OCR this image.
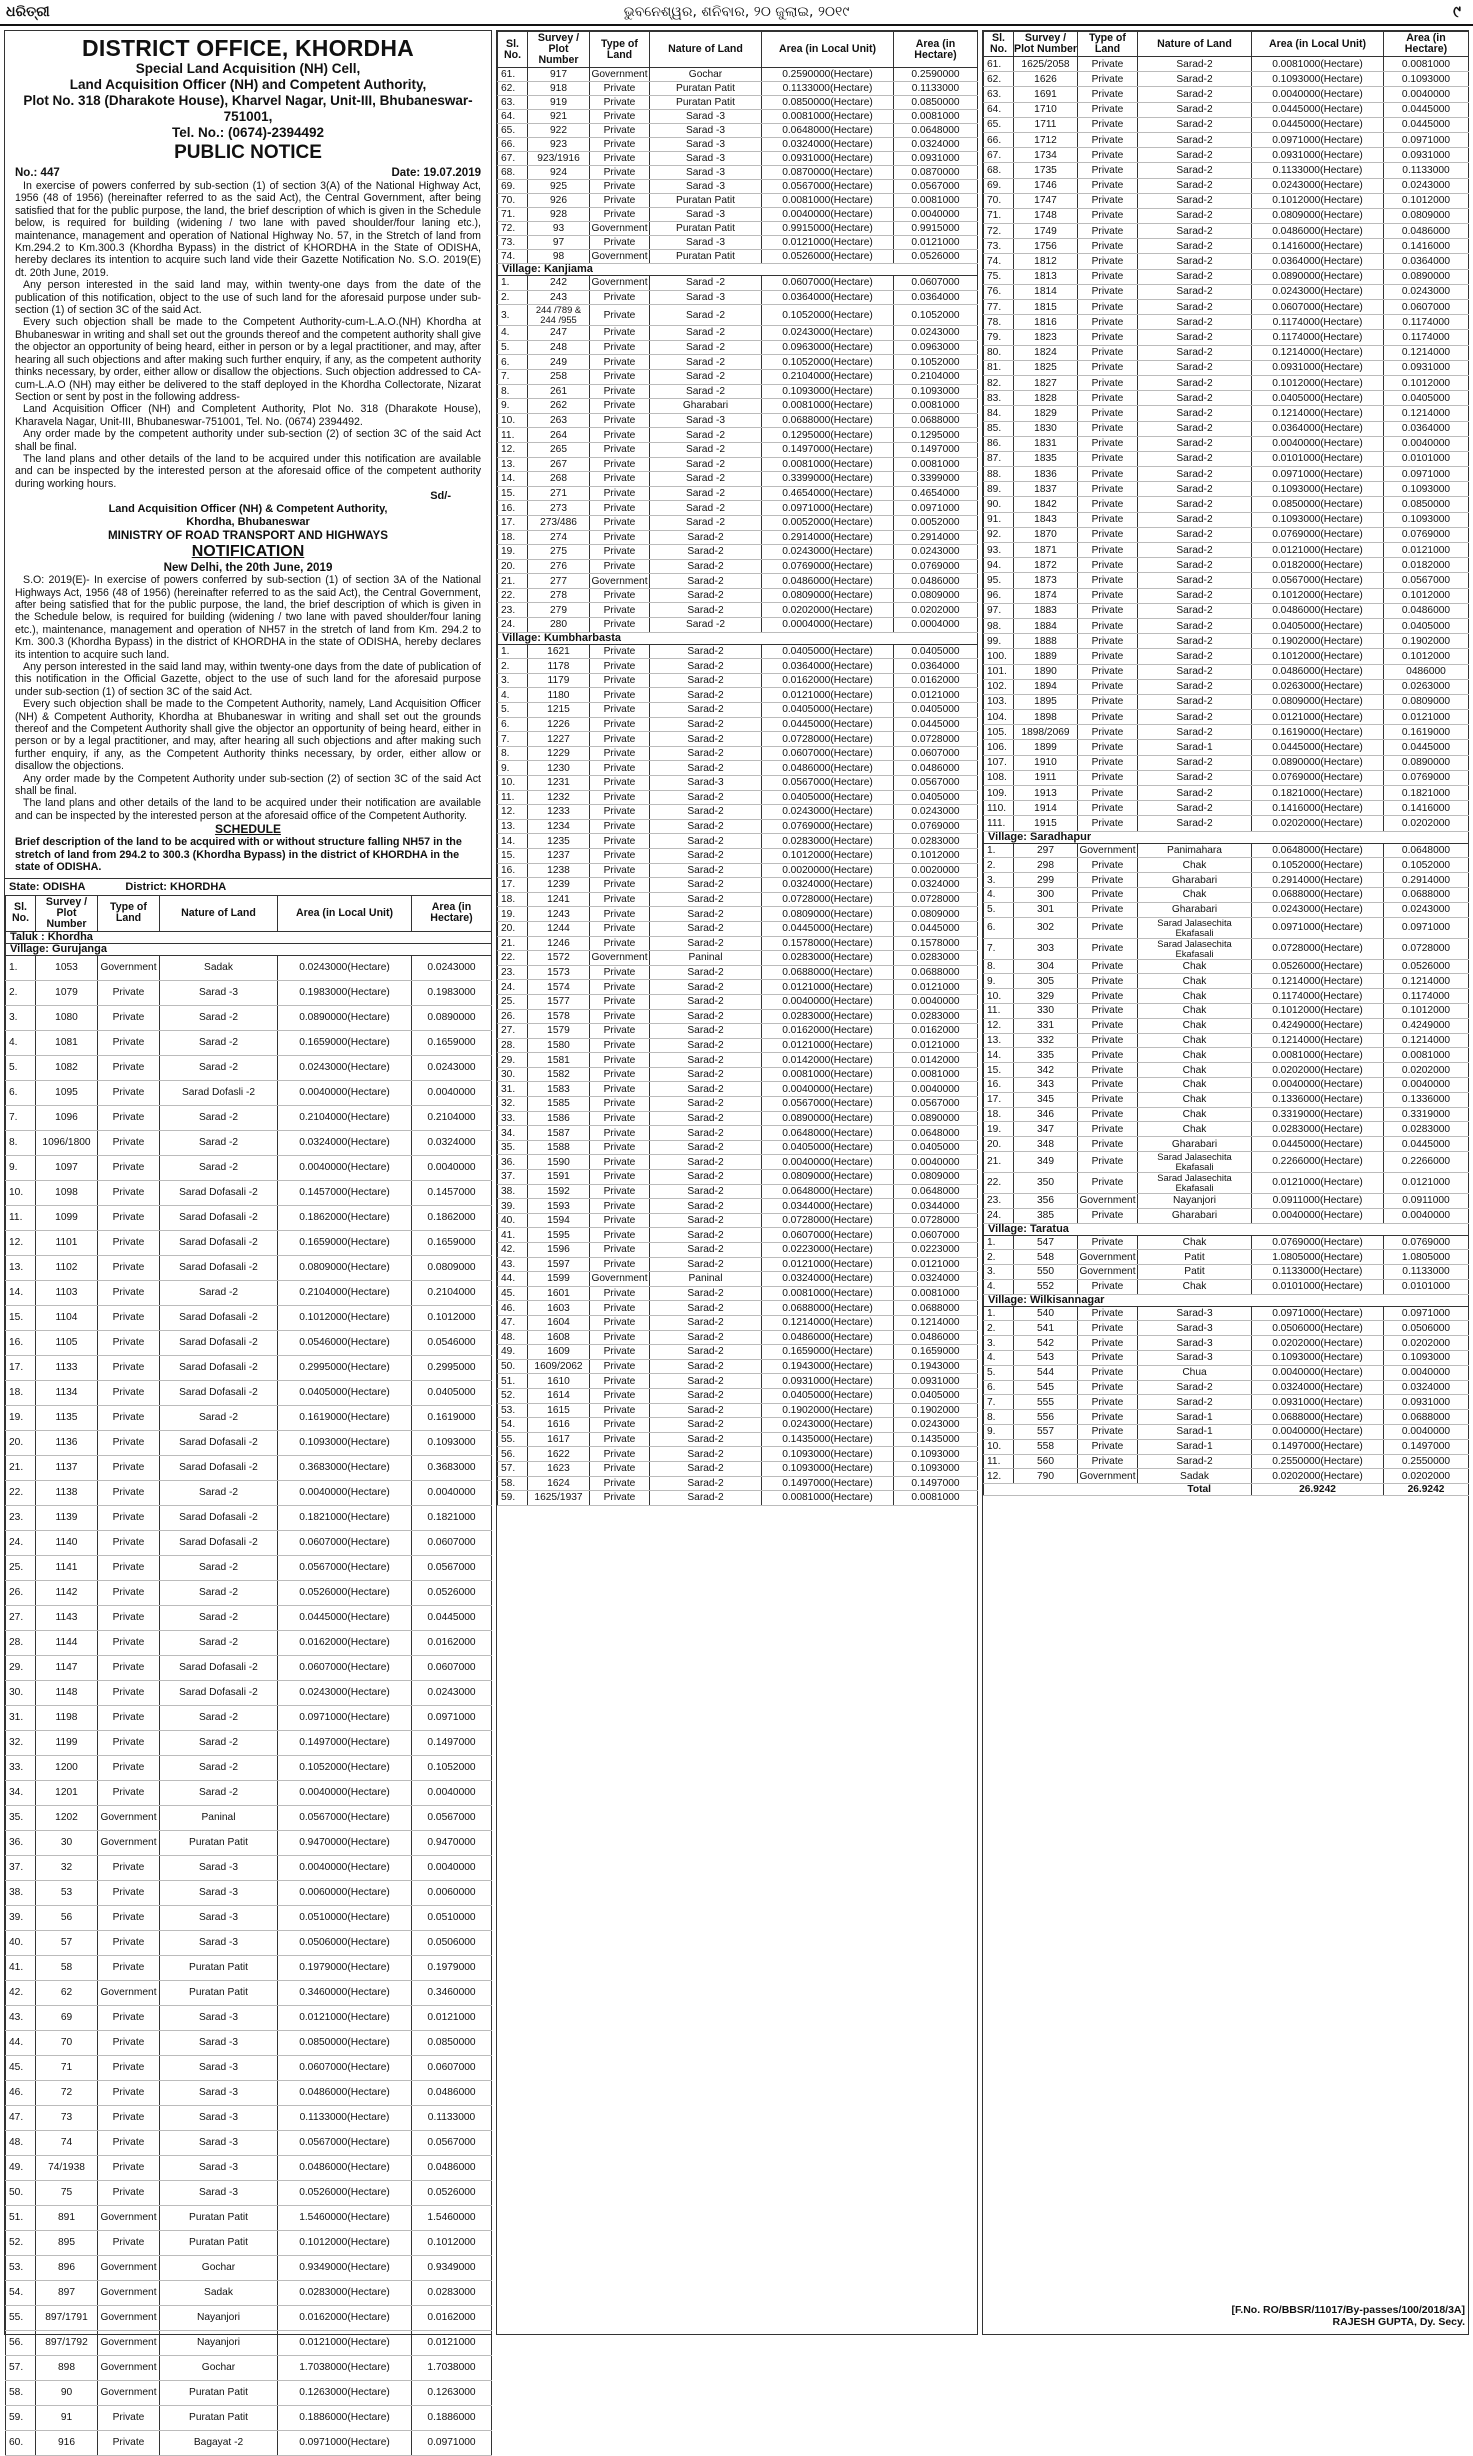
ଧରିତ୍ରୀ	ଭୁବନେଶ୍ୱର, ଶନିବାର, ୨୦ ଜୁଲାଇ, ୨୦୧୯	୯
DISTRICT OFFICE, KHORDHA
Special Land Acquisition (NH) Cell,
Land Acquisition Officer (NH) and Competent Authority,
Plot No. 318 (Dharakote House), Kharvel Nagar, Unit-III, Bhubaneswar-751001,
Tel. No.: (0674)-2394492
PUBLIC NOTICE
No.: 447	Date: 19.07.2019

In exercise of powers conferred by sub-section (1) of section 3(A) of the National Highway Act, 1956 (48 of 1956) (hereinafter referred to as the said Act), the Central Government, after being satisfied that for the public purpose, the land, the brief description of which is given in the Schedule below, is required for building (widening / two lane with paved shoulder/four laning etc.), maintenance, management and operation of National Highway No. 57, in the Stretch of land from Km.294.2 to Km.300.3 (Khordha Bypass) in the district of KHORDHA in the State of ODISHA, hereby declares its intention to acquire such land vide their Gazette Notification No. S.O. 2019(E) dt. 20th June, 2019.

Any person interested in the said land may, within twenty-one days from the date of the publication of this notification, object to the use of such land for the aforesaid purpose under sub-section (1) of section 3C of the said Act.

Every such objection shall be made to the Competent Authority-cum-L.A.O.(NH) Khordha at Bhubaneswar in writing and shall set out the grounds thereof and the competent authority shall give the objector an opportunity of being heard, either in person or by a legal practitioner, and may, after hearing all such objections and after making such further enquiry, if any, as the competent authority thinks necessary, by order, either allow or disallow the objections. Such objection addressed to CA-cum-L.A.O (NH) may either be delivered to the staff deployed in the Khordha Collectorate, Nizarat Section or sent by post in the following address-

Land Acquisition Officer (NH) and Completent Authority, Plot No. 318 (Dharakote House), Kharavela Nagar, Unit-III, Bhubaneswar-751001, Tel. No. (0674) 2394492.

Any order made by the competent authority under sub-section (2) of section 3C of the said Act shall be final.

The land plans and other details of the land to be acquired under this notification are available and can be inspected by the interested person at the aforesaid office of the competent authority during working hours.

Sd/-
Land Acquisition Officer (NH) & Competent Authority,
Khordha, Bhubaneswar
MINISTRY OF ROAD TRANSPORT AND HIGHWAYS
NOTIFICATION
New Delhi, the 20th June, 2019

S.O: 2019(E)- In exercise of powers conferred by sub-section (1) of section 3A of the National Highways Act, 1956 (48 of 1956) (hereinafter referred to as the said Act), the Central Government, after being satisfied that for the public purpose, the land, the brief description of which is given in the Schedule below, is required for building (widening / two lane with paved shoulder/four laning etc.), maintenance, management and operation of NH57 in the stretch of land from Km. 294.2 to Km. 300.3 (Khordha Bypass) in the district of KHORDHA in the state of ODISHA, hereby declares its intention to acquire such land.

Any person interested in the said land may, within twenty-one days from the date of publication of this notification in the Official Gazette, object to the use of such land for the aforesaid purpose under sub-section (1) of section 3C of the said Act.

Every such objection shall be made to the Competent Authority, namely, Land Acquisition Officer (NH) & Competent Authority, Khordha at Bhubaneswar in writing and shall set out the grounds thereof and the Competent Authority shall give the objector an opportunity of being heard, either in person or by a legal practitioner, and may, after hearing all such objections and after making such further enquiry, if any, as the Competent Authority thinks necessary, by order, either allow or disallow the objections.

Any order made by the Competent Authority under sub-section (2) of section 3C of the said Act shall be final.

The land plans and other details of the land to be acquired under their notification are available and can be inspected by the interested person at the aforesaid office of the Competent Authority.

SCHEDULE

Brief description of the land to be acquired with or without structure falling NH57 in the stretch of land from 294.2 to 300.3 (Khordha Bypass) in the district of KHORDHA in the state of ODISHA.

State: ODISHA	District: KHORDHA
Sl. No.	Survey / Plot Number	Type of Land	Nature of Land	Area (in Local Unit)	Area (in Hectare)
Taluk : Khordha					
Village: Gurujanga					
1.	1053	Government	Sadak	0.0243000(Hectare)	0.0243000
2.	1079	Private	Sarad -3	0.1983000(Hectare)	0.1983000
3.	1080	Private	Sarad -2	0.0890000(Hectare)	0.0890000
4.	1081	Private	Sarad -2	0.1659000(Hectare)	0.1659000
5.	1082	Private	Sarad -2	0.0243000(Hectare)	0.0243000
6.	1095	Private	Sarad Dofasli -2	0.0040000(Hectare)	0.0040000
7.	1096	Private	Sarad -2	0.2104000(Hectare)	0.2104000
8.	1096/1800	Private	Sarad -2	0.0324000(Hectare)	0.0324000
9.	1097	Private	Sarad -2	0.0040000(Hectare)	0.0040000
10.	1098	Private	Sarad Dofasali -2	0.1457000(Hectare)	0.1457000
11.	1099	Private	Sarad Dofasali -2	0.1862000(Hectare)	0.1862000
12.	1101	Private	Sarad Dofasali -2	0.1659000(Hectare)	0.1659000
13.	1102	Private	Sarad Dofasali -2	0.0809000(Hectare)	0.0809000
14.	1103	Private	Sarad -2	0.2104000(Hectare)	0.2104000
15.	1104	Private	Sarad Dofasali -2	0.1012000(Hectare)	0.1012000
16.	1105	Private	Sarad Dofasali -2	0.0546000(Hectare)	0.0546000
17.	1133	Private	Sarad Dofasali -2	0.2995000(Hectare)	0.2995000
18.	1134	Private	Sarad Dofasali -2	0.0405000(Hectare)	0.0405000
19.	1135	Private	Sarad -2	0.1619000(Hectare)	0.1619000
20.	1136	Private	Sarad Dofasali -2	0.1093000(Hectare)	0.1093000
21.	1137	Private	Sarad Dofasali -2	0.3683000(Hectare)	0.3683000
22.	1138	Private	Sarad -2	0.0040000(Hectare)	0.0040000
23.	1139	Private	Sarad Dofasali -2	0.1821000(Hectare)	0.1821000
24.	1140	Private	Sarad Dofasali -2	0.0607000(Hectare)	0.0607000
25.	1141	Private	Sarad -2	0.0567000(Hectare)	0.0567000
26.	1142	Private	Sarad -2	0.0526000(Hectare)	0.0526000
27.	1143	Private	Sarad -2	0.0445000(Hectare)	0.0445000
28.	1144	Private	Sarad -2	0.0162000(Hectare)	0.0162000
29.	1147	Private	Sarad Dofasali -2	0.0607000(Hectare)	0.0607000
30.	1148	Private	Sarad Dofasali -2	0.0243000(Hectare)	0.0243000
31.	1198	Private	Sarad -2	0.0971000(Hectare)	0.0971000
32.	1199	Private	Sarad -2	0.1497000(Hectare)	0.1497000
33.	1200	Private	Sarad -2	0.1052000(Hectare)	0.1052000
34.	1201	Private	Sarad -2	0.0040000(Hectare)	0.0040000
35.	1202	Government	Paninal	0.0567000(Hectare)	0.0567000
36.	30	Government	Puratan Patit	0.9470000(Hectare)	0.9470000
37.	32	Private	Sarad -3	0.0040000(Hectare)	0.0040000
38.	53	Private	Sarad -3	0.0060000(Hectare)	0.0060000
39.	56	Private	Sarad -3	0.0510000(Hectare)	0.0510000
40.	57	Private	Sarad -3	0.0506000(Hectare)	0.0506000
41.	58	Private	Puratan Patit	0.1979000(Hectare)	0.1979000
42.	62	Government	Puratan Patit	0.3460000(Hectare)	0.3460000
43.	69	Private	Sarad -3	0.0121000(Hectare)	0.0121000
44.	70	Private	Sarad -3	0.0850000(Hectare)	0.0850000
45.	71	Private	Sarad -3	0.0607000(Hectare)	0.0607000
46.	72	Private	Sarad -3	0.0486000(Hectare)	0.0486000
47.	73	Private	Sarad -3	0.1133000(Hectare)	0.1133000
48.	74	Private	Sarad -3	0.0567000(Hectare)	0.0567000
49.	74/1938	Private	Sarad -3	0.0486000(Hectare)	0.0486000
50.	75	Private	Sarad -3	0.0526000(Hectare)	0.0526000
51.	891	Government	Puratan Patit	1.5460000(Hectare)	1.5460000
52.	895	Private	Puratan Patit	0.1012000(Hectare)	0.1012000
53.	896	Government	Gochar	0.9349000(Hectare)	0.9349000
54.	897	Government	Sadak	0.0283000(Hectare)	0.0283000
55.	897/1791	Government	Nayanjori	0.0162000(Hectare)	0.0162000
56.	897/1792	Government	Nayanjori	0.0121000(Hectare)	0.0121000
57.	898	Government	Gochar	1.7038000(Hectare)	1.7038000
58.	90	Government	Puratan Patit	0.1263000(Hectare)	0.1263000
59.	91	Private	Puratan Patit	0.1886000(Hectare)	0.1886000
60.	916	Private	Bagayat -2	0.0971000(Hectare)	0.0971000
Sl. No.	Survey / Plot Number	Type of Land	Nature of Land	Area (in Local Unit)	Area (in Hectare)
61.	917	Government	Gochar	0.2590000(Hectare)	0.2590000
62.	918	Private	Puratan Patit	0.1133000(Hectare)	0.1133000
63.	919	Private	Puratan Patit	0.0850000(Hectare)	0.0850000
64.	921	Private	Sarad -3	0.0081000(Hectare)	0.0081000
65.	922	Private	Sarad -3	0.0648000(Hectare)	0.0648000
66.	923	Private	Sarad -3	0.0324000(Hectare)	0.0324000
67.	923/1916	Private	Sarad -3	0.0931000(Hectare)	0.0931000
68.	924	Private	Sarad -3	0.0870000(Hectare)	0.0870000
69.	925	Private	Sarad -3	0.0567000(Hectare)	0.0567000
70.	926	Private	Puratan Patit	0.0081000(Hectare)	0.0081000
71.	928	Private	Sarad -3	0.0040000(Hectare)	0.0040000
72.	93	Government	Puratan Patit	0.9915000(Hectare)	0.9915000
73.	97	Private	Sarad -3	0.0121000(Hectare)	0.0121000
74.	98	Government	Puratan Patit	0.0526000(Hectare)	0.0526000
Village: Kanjiama					
1.	242	Government	Sarad -2	0.0607000(Hectare)	0.0607000
2.	243	Private	Sarad -3	0.0364000(Hectare)	0.0364000
3.	244 /789 & 244 /955	Private	Sarad -2	0.1052000(Hectare)	0.1052000
4.	247	Private	Sarad -2	0.0243000(Hectare)	0.0243000
5.	248	Private	Sarad -2	0.0963000(Hectare)	0.0963000
6.	249	Private	Sarad -2	0.1052000(Hectare)	0.1052000
7.	258	Private	Sarad -2	0.2104000(Hectare)	0.2104000
8.	261	Private	Sarad -2	0.1093000(Hectare)	0.1093000
9.	262	Private	Gharabari	0.0081000(Hectare)	0.0081000
10.	263	Private	Sarad -3	0.0688000(Hectare)	0.0688000
11.	264	Private	Sarad -2	0.1295000(Hectare)	0.1295000
12.	265	Private	Sarad -2	0.1497000(Hectare)	0.1497000
13.	267	Private	Sarad -2	0.0081000(Hectare)	0.0081000
14.	268	Private	Sarad -2	0.3399000(Hectare)	0.3399000
15.	271	Private	Sarad -2	0.4654000(Hectare)	0.4654000
16.	273	Private	Sarad -2	0.0971000(Hectare)	0.0971000
17.	273/486	Private	Sarad -2	0.0052000(Hectare)	0.0052000
18.	274	Private	Sarad-2	0.2914000(Hectare)	0.2914000
19.	275	Private	Sarad-2	0.0243000(Hectare)	0.0243000
20.	276	Private	Sarad-2	0.0769000(Hectare)	0.0769000
21.	277	Government	Sarad-2	0.0486000(Hectare)	0.0486000
22.	278	Private	Sarad-2	0.0809000(Hectare)	0.0809000
23.	279	Private	Sarad-2	0.0202000(Hectare)	0.0202000
24.	280	Private	Sarad -2	0.0004000(Hectare)	0.0004000
Village: Kumbharbasta					
1.	1621	Private	Sarad-2	0.0405000(Hectare)	0.0405000
2.	1178	Private	Sarad-2	0.0364000(Hectare)	0.0364000
3.	1179	Private	Sarad-2	0.0162000(Hectare)	0.0162000
4.	1180	Private	Sarad-2	0.0121000(Hectare)	0.0121000
5.	1215	Private	Sarad-2	0.0405000(Hectare)	0.0405000
6.	1226	Private	Sarad-2	0.0445000(Hectare)	0.0445000
7.	1227	Private	Sarad-2	0.0728000(Hectare)	0.0728000
8.	1229	Private	Sarad-2	0.0607000(Hectare)	0.0607000
9.	1230	Private	Sarad-2	0.0486000(Hectare)	0.0486000
10.	1231	Private	Sarad-3	0.0567000(Hectare)	0.0567000
11.	1232	Private	Sarad-2	0.0405000(Hectare)	0.0405000
12.	1233	Private	Sarad-2	0.0243000(Hectare)	0.0243000
13.	1234	Private	Sarad-2	0.0769000(Hectare)	0.0769000
14.	1235	Private	Sarad-2	0.0283000(Hectare)	0.0283000
15.	1237	Private	Sarad-2	0.1012000(Hectare)	0.1012000
16.	1238	Private	Sarad-2	0.0020000(Hectare)	0.0020000
17.	1239	Private	Sarad-2	0.0324000(Hectare)	0.0324000
18.	1241	Private	Sarad-2	0.0728000(Hectare)	0.0728000
19.	1243	Private	Sarad-2	0.0809000(Hectare)	0.0809000
20.	1244	Private	Sarad-2	0.0445000(Hectare)	0.0445000
21.	1246	Private	Sarad-2	0.1578000(Hectare)	0.1578000
22.	1572	Government	Paninal	0.0283000(Hectare)	0.0283000
23.	1573	Private	Sarad-2	0.0688000(Hectare)	0.0688000
24.	1574	Private	Sarad-2	0.0121000(Hectare)	0.0121000
25.	1577	Private	Sarad-2	0.0040000(Hectare)	0.0040000
26.	1578	Private	Sarad-2	0.0283000(Hectare)	0.0283000
27.	1579	Private	Sarad-2	0.0162000(Hectare)	0.0162000
28.	1580	Private	Sarad-2	0.0121000(Hectare)	0.0121000
29.	1581	Private	Sarad-2	0.0142000(Hectare)	0.0142000
30.	1582	Private	Sarad-2	0.0081000(Hectare)	0.0081000
31.	1583	Private	Sarad-2	0.0040000(Hectare)	0.0040000
32.	1585	Private	Sarad-2	0.0567000(Hectare)	0.0567000
33.	1586	Private	Sarad-2	0.0890000(Hectare)	0.0890000
34.	1587	Private	Sarad-2	0.0648000(Hectare)	0.0648000
35.	1588	Private	Sarad-2	0.0405000(Hectare)	0.0405000
36.	1590	Private	Sarad-2	0.0040000(Hectare)	0.0040000
37.	1591	Private	Sarad-2	0.0809000(Hectare)	0.0809000
38.	1592	Private	Sarad-2	0.0648000(Hectare)	0.0648000
39.	1593	Private	Sarad-2	0.0344000(Hectare)	0.0344000
40.	1594	Private	Sarad-2	0.0728000(Hectare)	0.0728000
41.	1595	Private	Sarad-2	0.0607000(Hectare)	0.0607000
42.	1596	Private	Sarad-2	0.0223000(Hectare)	0.0223000
43.	1597	Private	Sarad-2	0.0121000(Hectare)	0.0121000
44.	1599	Government	Paninal	0.0324000(Hectare)	0.0324000
45.	1601	Private	Sarad-2	0.0081000(Hectare)	0.0081000
46.	1603	Private	Sarad-2	0.0688000(Hectare)	0.0688000
47.	1604	Private	Sarad-2	0.1214000(Hectare)	0.1214000
48.	1608	Private	Sarad-2	0.0486000(Hectare)	0.0486000
49.	1609	Private	Sarad-2	0.1659000(Hectare)	0.1659000
50.	1609/2062	Private	Sarad-2	0.1943000(Hectare)	0.1943000
51.	1610	Private	Sarad-2	0.0931000(Hectare)	0.0931000
52.	1614	Private	Sarad-2	0.0405000(Hectare)	0.0405000
53.	1615	Private	Sarad-2	0.1902000(Hectare)	0.1902000
54.	1616	Private	Sarad-2	0.0243000(Hectare)	0.0243000
55.	1617	Private	Sarad-2	0.1435000(Hectare)	0.1435000
56.	1622	Private	Sarad-2	0.1093000(Hectare)	0.1093000
57.	1623	Private	Sarad-2	0.1093000(Hectare)	0.1093000
58.	1624	Private	Sarad-2	0.1497000(Hectare)	0.1497000
59.	1625/1937	Private	Sarad-2	0.0081000(Hectare)	0.0081000
Sl. No.	Survey / Plot Number	Type of Land	Nature of Land	Area (in Local Unit)	Area (in Hectare)
61.	1625/2058	Private	Sarad-2	0.0081000(Hectare)	0.0081000
62.	1626	Private	Sarad-2	0.1093000(Hectare)	0.1093000
63.	1691	Private	Sarad-2	0.0040000(Hectare)	0.0040000
64.	1710	Private	Sarad-2	0.0445000(Hectare)	0.0445000
65.	1711	Private	Sarad-2	0.0445000(Hectare)	0.0445000
66.	1712	Private	Sarad-2	0.0971000(Hectare)	0.0971000
67.	1734	Private	Sarad-2	0.0931000(Hectare)	0.0931000
68.	1735	Private	Sarad-2	0.1133000(Hectare)	0.1133000
69.	1746	Private	Sarad-2	0.0243000(Hectare)	0.0243000
70.	1747	Private	Sarad-2	0.1012000(Hectare)	0.1012000
71.	1748	Private	Sarad-2	0.0809000(Hectare)	0.0809000
72.	1749	Private	Sarad-2	0.0486000(Hectare)	0.0486000
73.	1756	Private	Sarad-2	0.1416000(Hectare)	0.1416000
74.	1812	Private	Sarad-2	0.0364000(Hectare)	0.0364000
75.	1813	Private	Sarad-2	0.0890000(Hectare)	0.0890000
76.	1814	Private	Sarad-2	0.0243000(Hectare)	0.0243000
77.	1815	Private	Sarad-2	0.0607000(Hectare)	0.0607000
78.	1816	Private	Sarad-2	0.1174000(Hectare)	0.1174000
79.	1823	Private	Sarad-2	0.1174000(Hectare)	0.1174000
80.	1824	Private	Sarad-2	0.1214000(Hectare)	0.1214000
81.	1825	Private	Sarad-2	0.0931000(Hectare)	0.0931000
82.	1827	Private	Sarad-2	0.1012000(Hectare)	0.1012000
83.	1828	Private	Sarad-2	0.0405000(Hectare)	0.0405000
84.	1829	Private	Sarad-2	0.1214000(Hectare)	0.1214000
85.	1830	Private	Sarad-2	0.0364000(Hectare)	0.0364000
86.	1831	Private	Sarad-2	0.0040000(Hectare)	0.0040000
87.	1835	Private	Sarad-2	0.0101000(Hectare)	0.0101000
88.	1836	Private	Sarad-2	0.0971000(Hectare)	0.0971000
89.	1837	Private	Sarad-2	0.1093000(Hectare)	0.1093000
90.	1842	Private	Sarad-2	0.0850000(Hectare)	0.0850000
91.	1843	Private	Sarad-2	0.1093000(Hectare)	0.1093000
92.	1870	Private	Sarad-2	0.0769000(Hectare)	0.0769000
93.	1871	Private	Sarad-2	0.0121000(Hectare)	0.0121000
94.	1872	Private	Sarad-2	0.0182000(Hectare)	0.0182000
95.	1873	Private	Sarad-2	0.0567000(Hectare)	0.0567000
96.	1874	Private	Sarad-2	0.1012000(Hectare)	0.1012000
97.	1883	Private	Sarad-2	0.0486000(Hectare)	0.0486000
98.	1884	Private	Sarad-2	0.0405000(Hectare)	0.0405000
99.	1888	Private	Sarad-2	0.1902000(Hectare)	0.1902000
100.	1889	Private	Sarad-2	0.1012000(Hectare)	0.1012000
101.	1890	Private	Sarad-2	0.0486000(Hectare)	0486000
102.	1894	Private	Sarad-2	0.0263000(Hectare)	0.0263000
103.	1895	Private	Sarad-2	0.0809000(Hectare)	0.0809000
104.	1898	Private	Sarad-2	0.0121000(Hectare)	0.0121000
105.	1898/2069	Private	Sarad-2	0.1619000(Hectare)	0.1619000
106.	1899	Private	Sarad-1	0.0445000(Hectare)	0.0445000
107.	1910	Private	Sarad-2	0.0890000(Hectare)	0.0890000
108.	1911	Private	Sarad-2	0.0769000(Hectare)	0.0769000
109.	1913	Private	Sarad-2	0.1821000(Hectare)	0.1821000
110.	1914	Private	Sarad-2	0.1416000(Hectare)	0.1416000
111.	1915	Private	Sarad-2	0.0202000(Hectare)	0.0202000
Village: Saradhapur					
1.	297	Government	Panimahara	0.0648000(Hectare)	0.0648000
2.	298	Private	Chak	0.1052000(Hectare)	0.1052000
3.	299	Private	Gharabari	0.2914000(Hectare)	0.2914000
4.	300	Private	Chak	0.0688000(Hectare)	0.0688000
5.	301	Private	Gharabari	0.0243000(Hectare)	0.0243000
6.	302	Private	Sarad Jalasechita Ekafasali	0.0971000(Hectare)	0.0971000
7.	303	Private	Sarad Jalasechita Ekafasali	0.0728000(Hectare)	0.0728000
8.	304	Private	Chak	0.0526000(Hectare)	0.0526000
9.	305	Private	Chak	0.1214000(Hectare)	0.1214000
10.	329	Private	Chak	0.1174000(Hectare)	0.1174000
11.	330	Private	Chak	0.1012000(Hectare)	0.1012000
12.	331	Private	Chak	0.4249000(Hectare)	0.4249000
13.	332	Private	Chak	0.1214000(Hectare)	0.1214000
14.	335	Private	Chak	0.0081000(Hectare)	0.0081000
15.	342	Private	Chak	0.0202000(Hectare)	0.0202000
16.	343	Private	Chak	0.0040000(Hectare)	0.0040000
17.	345	Private	Chak	0.1336000(Hectare)	0.1336000
18.	346	Private	Chak	0.3319000(Hectare)	0.3319000
19.	347	Private	Chak	0.0283000(Hectare)	0.0283000
20.	348	Private	Gharabari	0.0445000(Hectare)	0.0445000
21.	349	Private	Sarad Jalasechita Ekafasali	0.2266000(Hectare)	0.2266000
22.	350	Private	Sarad Jalasechita Ekafasali	0.0121000(Hectare)	0.0121000
23.	356	Government	Nayanjori	0.0911000(Hectare)	0.0911000
24.	385	Private	Gharabari	0.0040000(Hectare)	0.0040000
Village: Taratua					
1.	547	Private	Chak	0.0769000(Hectare)	0.0769000
2.	548	Government	Patit	1.0805000(Hectare)	1.0805000
3.	550	Government	Patit	0.1133000(Hectare)	0.1133000
4.	552	Private	Chak	0.0101000(Hectare)	0.0101000
Village: Wilkisannagar					
1.	540	Private	Sarad-3	0.0971000(Hectare)	0.0971000
2.	541	Private	Sarad-3	0.0506000(Hectare)	0.0506000
3.	542	Private	Sarad-3	0.0202000(Hectare)	0.0202000
4.	543	Private	Sarad-3	0.1093000(Hectare)	0.1093000
5.	544	Private	Chua	0.0040000(Hectare)	0.0040000
6.	545	Private	Sarad-2	0.0324000(Hectare)	0.0324000
7.	555	Private	Sarad-2	0.0931000(Hectare)	0.0931000
8.	556	Private	Sarad-1	0.0688000(Hectare)	0.0688000
9.	557	Private	Sarad-1	0.0040000(Hectare)	0.0040000
10.	558	Private	Sarad-1	0.1497000(Hectare)	0.1497000
11.	560	Private	Sarad-2	0.2550000(Hectare)	0.2550000
12.	790	Government	Sadak	0.0202000(Hectare)	0.0202000
Total				26.9242	26.9242
[F.No. RO/BBSR/11017/By-passes/100/2018/3A]
RAJESH GUPTA, Dy. Secy.
